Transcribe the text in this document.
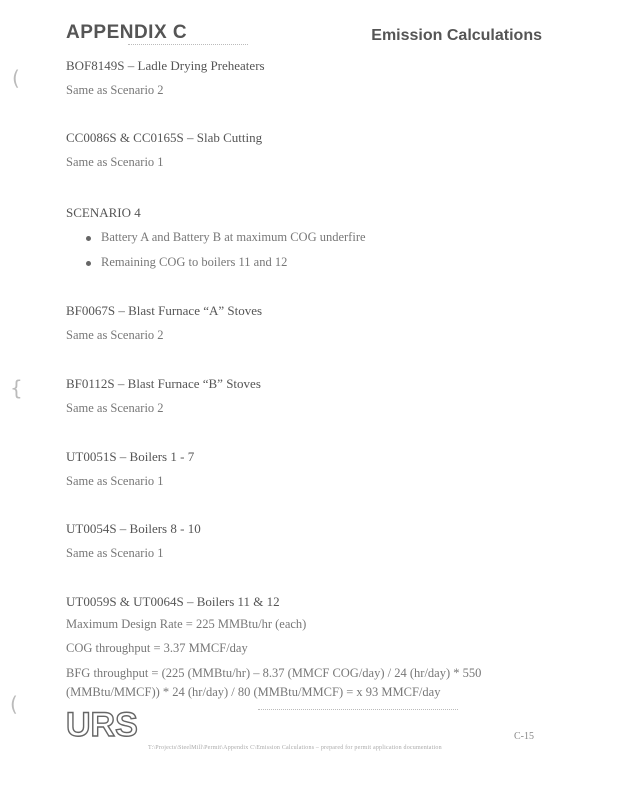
APPENDIX C	Emission Calculations
(
{
(
BOF8149S – Ladle Drying Preheaters
Same as Scenario 2
CC0086S & CC0165S – Slab Cutting
Same as Scenario 1
SCENARIO 4
Battery A and Battery B at maximum COG underfire
Remaining COG to boilers 11 and 12
BF0067S – Blast Furnace “A” Stoves
Same as Scenario 2
BF0112S – Blast Furnace “B” Stoves
Same as Scenario 2
UT0051S – Boilers 1 - 7
Same as Scenario 1
UT0054S – Boilers 8 - 10
Same as Scenario 1
UT0059S & UT0064S – Boilers 11 & 12
Maximum Design Rate = 225 MMBtu/hr (each)
COG throughput = 3.37 MMCF/day
BFG throughput = (225 (MMBtu/hr) – 8.37 (MMCF COG/day) / 24 (hr/day) * 550
(MMBtu/MMCF)) * 24 (hr/day) / 80 (MMBtu/MMCF) = x 93 MMCF/day
URS	C-15
T:\Projects\SteelMill\Permit\Appendix C\Emission Calculations – prepared for permit application documentation
